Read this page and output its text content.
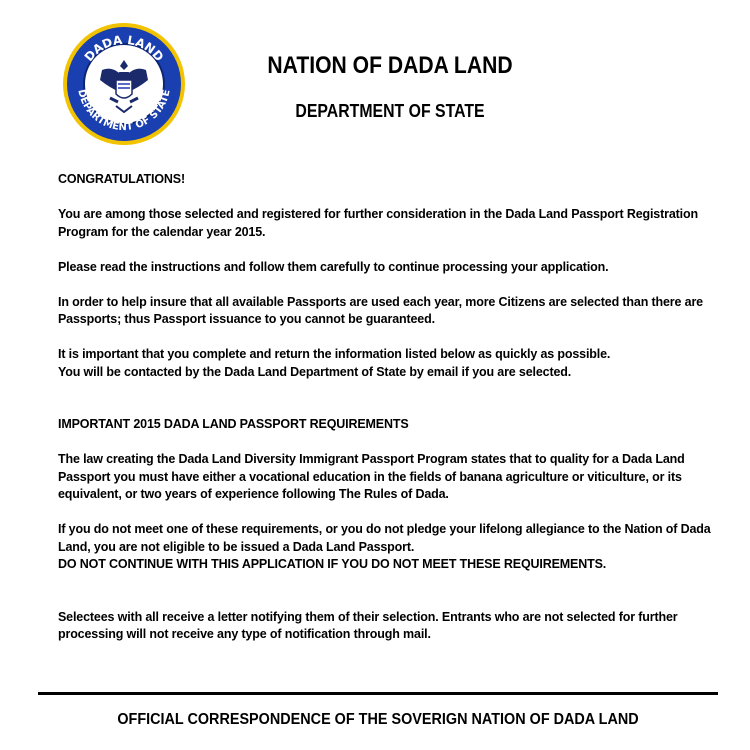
DADA LAND
DEPARTMENT OF STATE
NATION OF DADA LAND
DEPARTMENT OF STATE

CONGRATULATIONS!

You are among those selected and registered for further consideration in the Dada Land Passport Registration Program for the calendar year 2015.

Please read the instructions and follow them carefully to continue processing your application.

In order to help insure that all available Passports are used each year, more Citizens are selected than there are Passports; thus Passport issuance to you cannot be guaranteed.

It is important that you complete and return the information listed below as quickly as possible.

You will be contacted by the Dada Land Department of State by email if you are selected.

IMPORTANT 2015 DADA LAND PASSPORT REQUIREMENTS

The law creating the Dada Land Diversity Immigrant Passport Program states that to quality for a Dada Land Passport you must have either a vocational education in the fields of banana agriculture or viticulture, or its equivalent, or two years of experience following The Rules of Dada.

If you do not meet one of these requirements, or you do not pledge your lifelong allegiance to the Nation of Dada Land, you are not eligible to be issued a Dada Land Passport.

DO NOT CONTINUE WITH THIS APPLICATION IF YOU DO NOT MEET THESE REQUIREMENTS.

Selectees with all receive a letter notifying them of their selection. Entrants who are not selected for further processing will not receive any type of notification through mail.

OFFICIAL CORRESPONDENCE OF THE SOVERIGN NATION OF DADA LAND
